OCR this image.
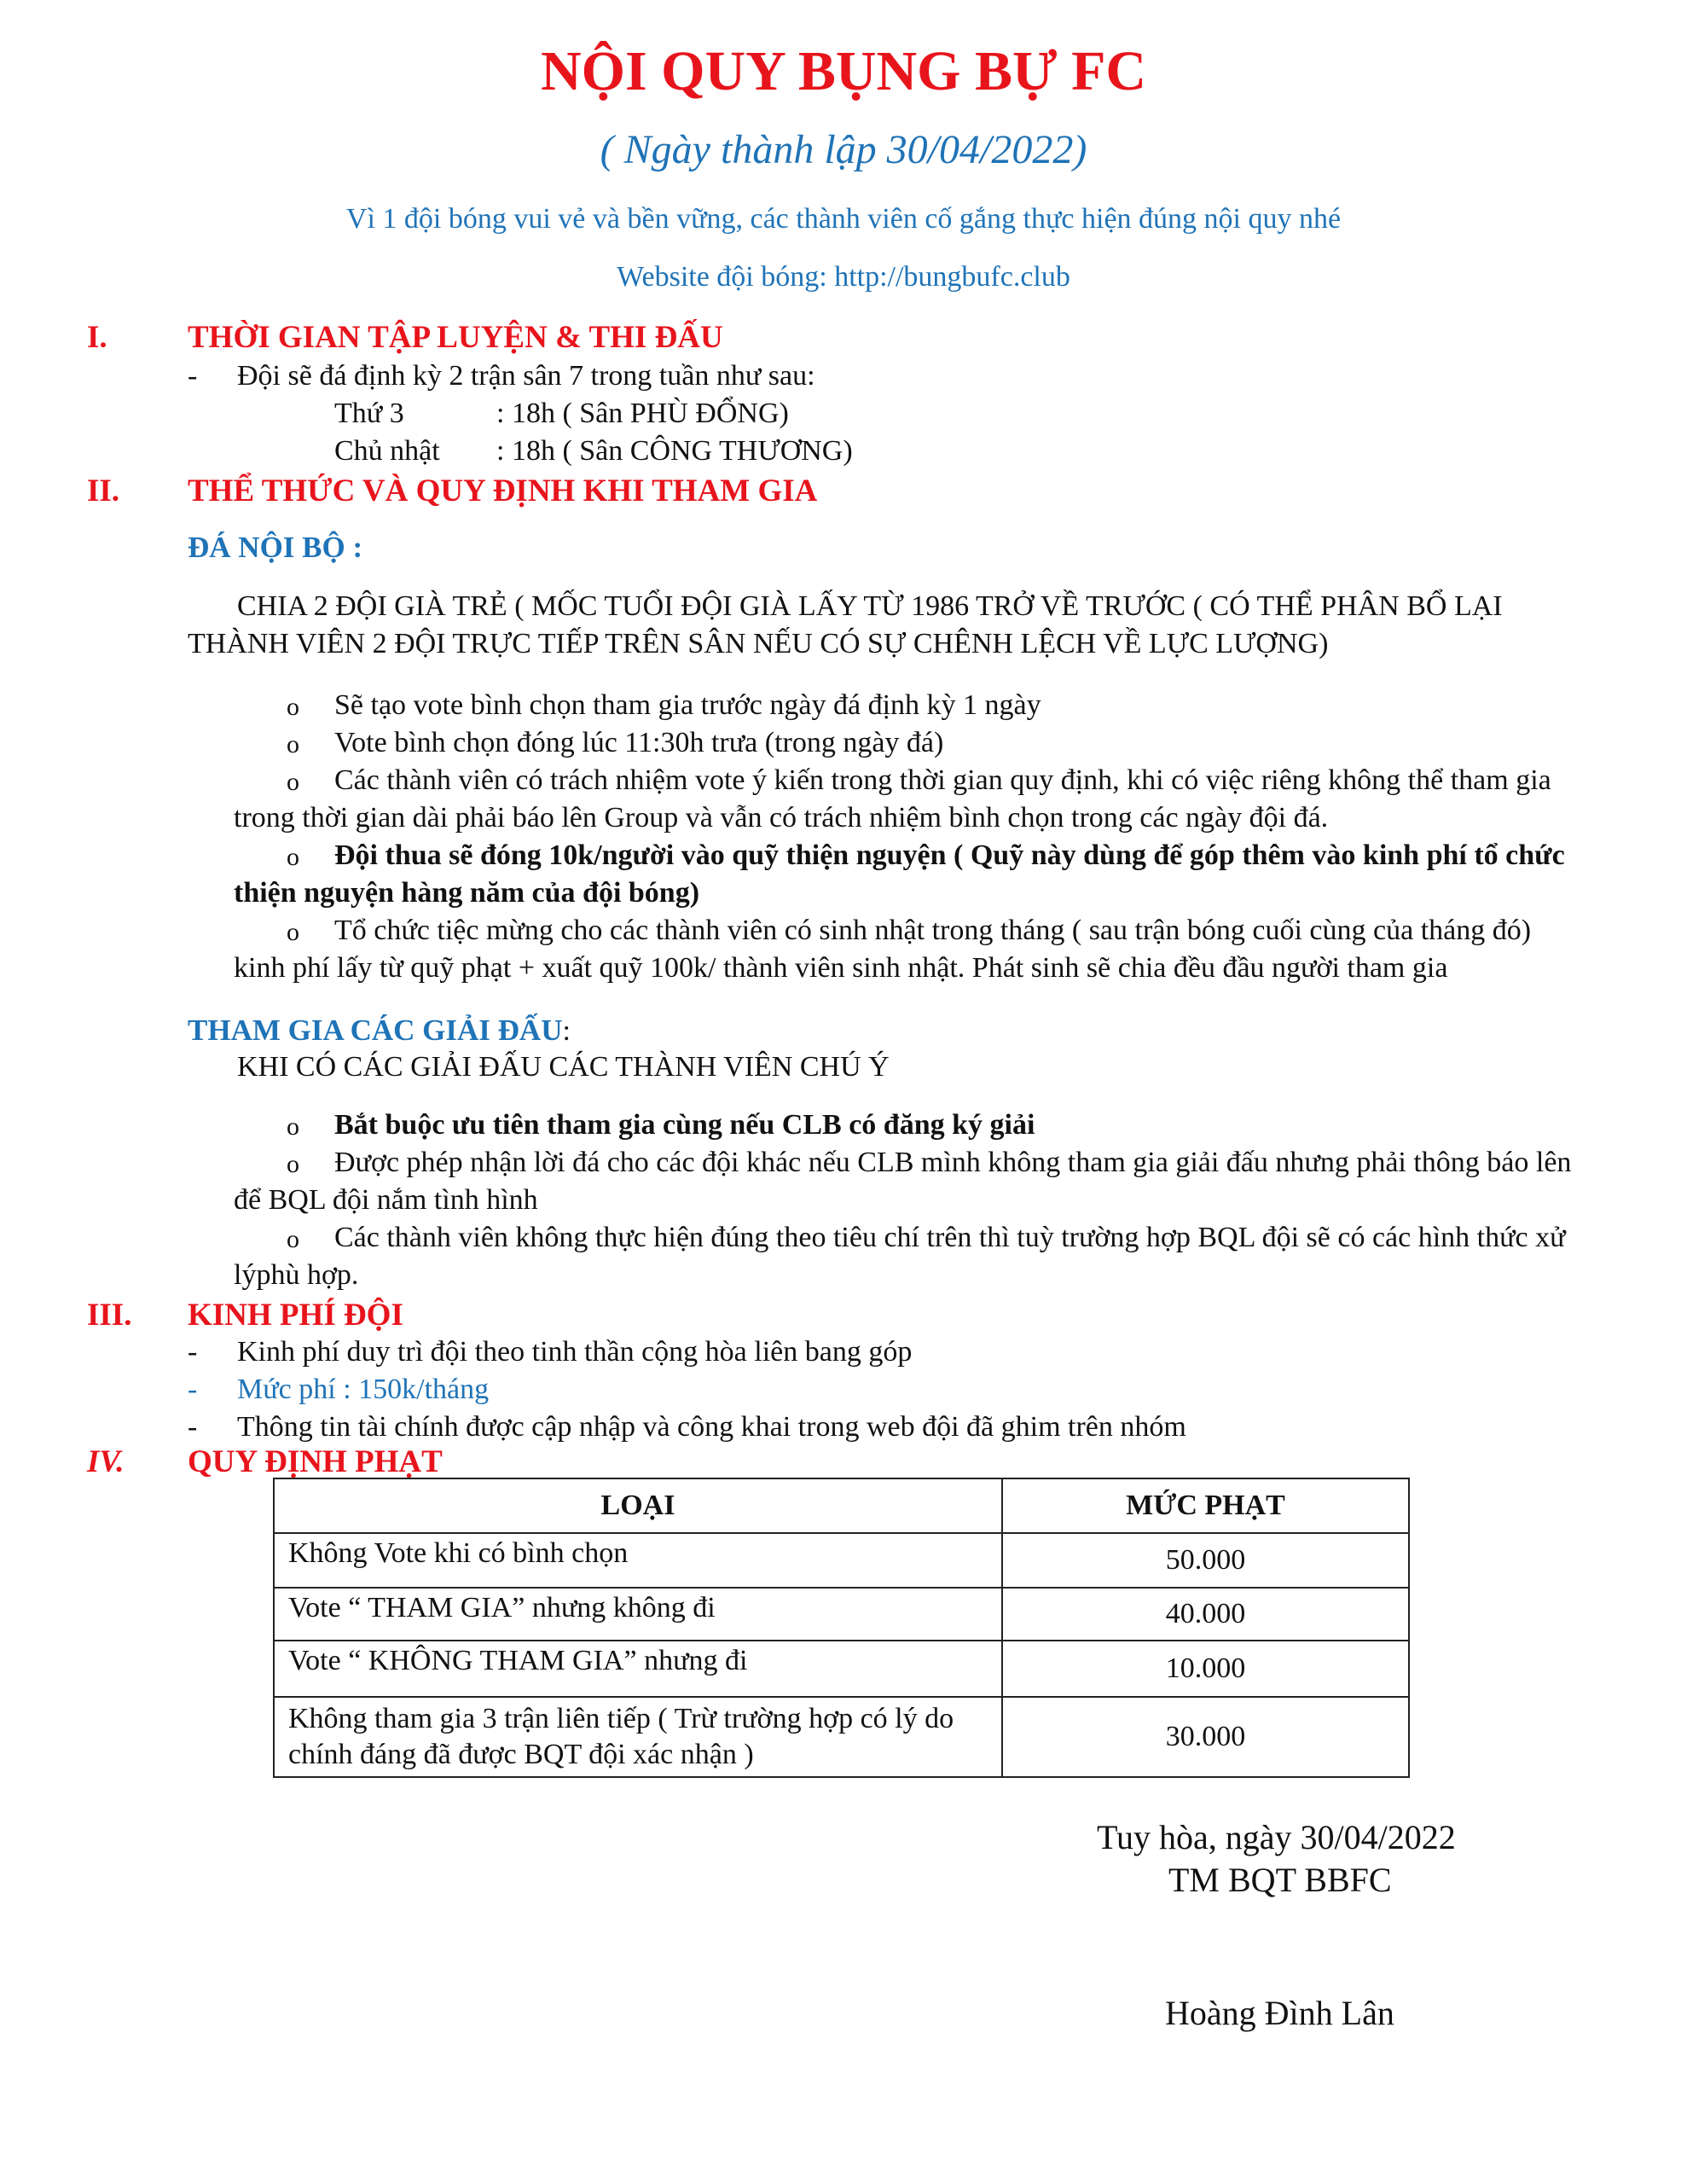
NỘI QUY BỤNG BỰ FC
( Ngày thành lập 30/04/2022)
Vì 1 đội bóng vui vẻ và bền vững, các thành viên cố gắng thực hiện đúng nội quy nhé
Website đội bóng: http://bungbufc.club
I.	THỜI GIAN TẬP LUYỆN & THI ĐẤU
- Đội sẽ đá định kỳ 2 trận sân 7 trong tuần như sau:
Thứ 3	: 18h ( Sân PHÙ ĐỔNG)
Chủ nhật : 18h ( Sân CÔNG THƯƠNG)
II. THỂ THỨC VÀ QUY ĐỊNH KHI THAM GIA
ĐÁ NỘI BỘ :
CHIA 2 ĐỘI GIÀ TRẺ ( MỐC TUỔI ĐỘI GIÀ LẤY TỪ 1986 TRỞ VỀ TRƯỚC ( CÓ THỂ PHÂN BỔ LẠI
THÀNH VIÊN 2 ĐỘI TRỰC TIẾP TRÊN SÂN NẾU CÓ SỰ CHÊNH LỆCH VỀ LỰC LƯỢNG)
o Sẽ tạo vote bình chọn tham gia trước ngày đá định kỳ 1 ngày
o Vote bình chọn đóng lúc 11:30h trưa (trong ngày đá)
o Các thành viên có trách nhiệm vote ý kiến trong thời gian quy định, khi có việc riêng không thể tham gia
trong thời gian dài phải báo lên Group và vẫn có trách nhiệm bình chọn trong các ngày đội đá.
o Đội thua sẽ đóng 10k/người vào quỹ thiện nguyện ( Quỹ này dùng để góp thêm vào kinh phí tổ chức
thiện nguyện hàng năm của đội bóng)
o Tổ chức tiệc mừng cho các thành viên có sinh nhật trong tháng ( sau trận bóng cuối cùng của tháng đó)
kinh phí lấy từ quỹ phạt + xuất quỹ 100k/ thành viên sinh nhật. Phát sinh sẽ chia đều đầu người tham gia
THAM GIA CÁC GIẢI ĐẤU:
KHI CÓ CÁC GIẢI ĐẤU CÁC THÀNH VIÊN CHÚ Ý
o Bắt buộc ưu tiên tham gia cùng nếu CLB có đăng ký giải
o Được phép nhận lời đá cho các đội khác nếu CLB mình không tham gia giải đấu nhưng phải thông báo lên
để BQL đội nắm tình hình
o Các thành viên không thực hiện đúng theo tiêu chí trên thì tuỳ trường hợp BQL đội sẽ có các hình thức xử
lýphù hợp.
III. KINH PHÍ ĐỘI
- Kinh phí duy trì đội theo tinh thần cộng hòa liên bang góp
- Mức phí : 150k/tháng
- Thông tin tài chính được cập nhập và công khai trong web đội đã ghim trên nhóm
IV. QUY ĐỊNH PHẠT
LOẠI	MỨC PHẠT
Không Vote khi có bình chọn	50.000
Vote “ THAM GIA” nhưng không đi	40.000
Vote “ KHÔNG THAM GIA” nhưng đi	10.000
Không tham gia 3 trận liên tiếp ( Trừ trường hợp có lý do chính đáng đã được BQT đội xác nhận )	30.000
Tuy hòa, ngày 30/04/2022
TM BQT BBFC
Hoàng Đình Lân
